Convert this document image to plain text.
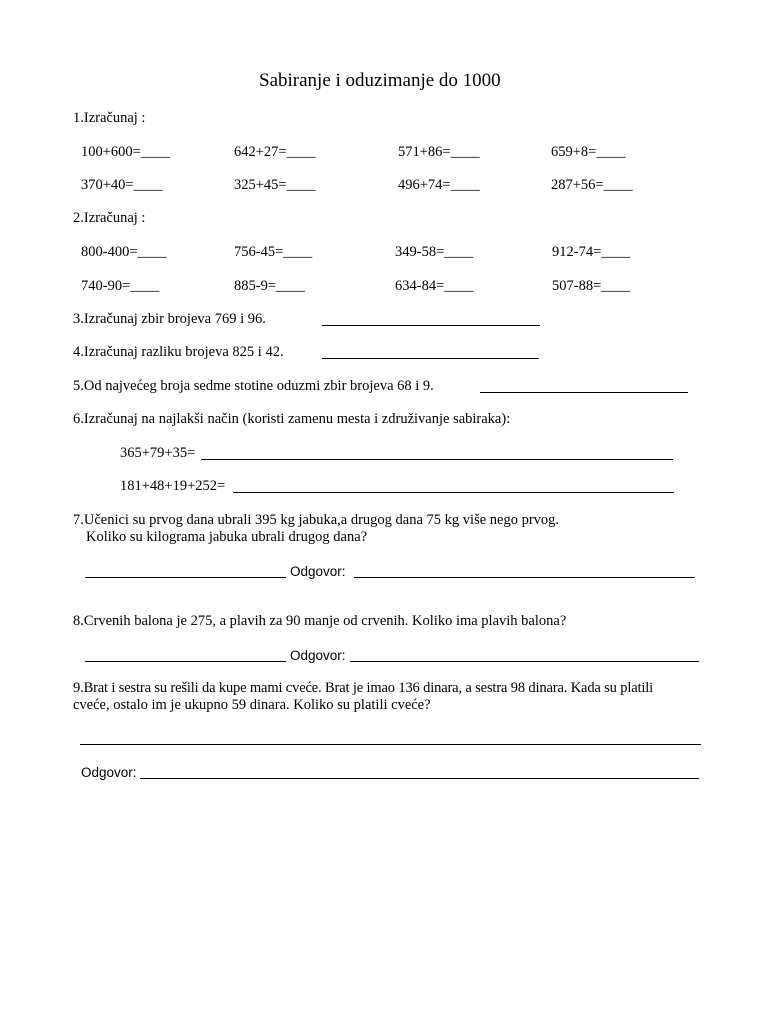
Sabiranje i oduzimanje do 1000
1.Izračunaj :
100+600=____	642+27=____	571+86=____	659+8=____
370+40=____	325+45=____	496+74=____	287+56=____
2.Izračunaj :
800-400=____	756-45=____	349-58=____	912-74=____
740-90=____	885-9=____	634-84=____	507-88=____
3.Izračunaj zbir brojeva 769 i 96.
4.Izračunaj razliku brojeva 825 i 42.
5.Od najvećeg broja sedme stotine oduzmi zbir brojeva 68 i 9.
6.Izračunaj na najlakši način (koristi zamenu mesta i združivanje sabiraka):
365+79+35=
181+48+19+252=
7.Učenici su prvog dana ubrali 395 kg jabuka,a drugog dana 75 kg više nego prvog.
Koliko su kilograma jabuka ubrali drugog dana?
Odgovor:
8.Crvenih balona je 275, a plavih za 90 manje od crvenih. Koliko ima plavih balona?
Odgovor:
9.Brat i sestra su rešili da kupe mami cveće. Brat je imao 136 dinara, a sestra 98 dinara. Kada su platili
cveće, ostalo im je ukupno 59 dinara. Koliko su platili cveće?
Odgovor:
